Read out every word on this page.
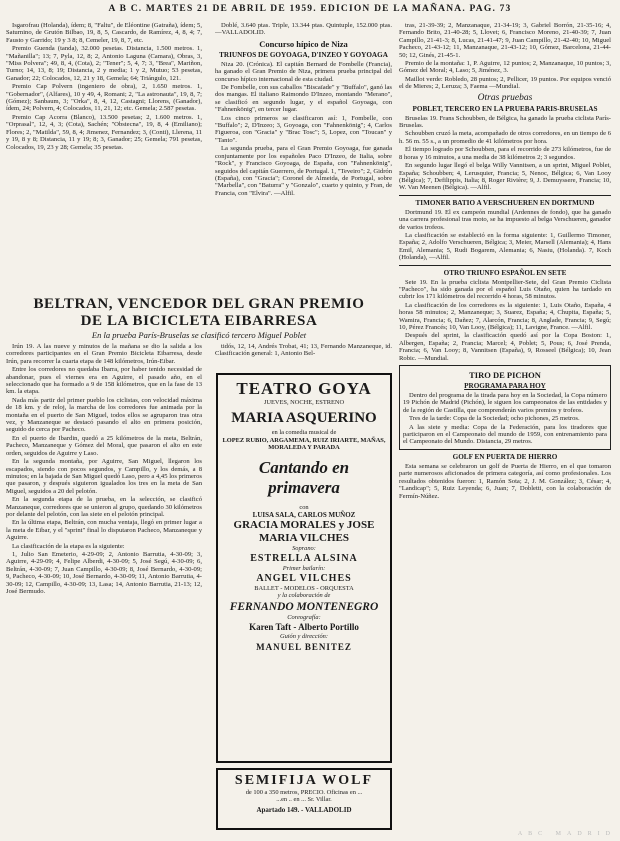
A B C. MARTES 21 DE ABRIL DE 1959. EDICION DE LA MAÑANA. PAG. 73

Isgarofrau (Holanda), ídem; 8, "Faltu", de Eléontine (Gatraña), ídem; 5, Saturnino, de Grutón Bilbao, 19, 8, 5, Cascardo, de Ramírez, 4, 8, 4; 7, Fausto y Garrido; 19 y 3 8; 8, Cemeler, 19, 8, 7, etc.

Premio Guenda (tanda), 32.000 pesetas. Distancia, 1.500 metros. 1, "Mañanilla"; 13; 7, Pyla, 12, 8; 2, Antonio Laguna (Camara), Obras, 3, "Miss Polvera"; 49, 8, 4, (Cota), 2; "Tener"; 5, 4, 7; 3, "Brea", Mariñon, Turno; 14, 13, 8; 19; Distancia, 2 y media; 1 y 2, Mutuo; 53 pesetas, Ganador; 22; Colocados, 12, 21 y 18, Gemela; 64; Triángulo, 121.

Premio Cap Polvern (ingeniero de obra), 2, 1.650 metros. 1, "Gobernador", (Alfares), 10 y 49, 4, Romani; 2, "La astronauta", 19, 8, 7; (Gómez); Sanbaum, 3; "Orka", 8, 4, 12, Castagni; Llorens, (Ganador), ídem, 24; Polvern, 4; Colocados, 11, 21, 12; etc. Gemela; 2.587 pesetas.

Premio Cap Acorra (Blanco), 13.500 pesetas; 2, 1.600 metros. 1, "Orprasal", 12, 4, 3; (Cota), Sachén; "Obstecna", 19, 8, 4 (Emiliano); Flores; 2, "Matilda", 59, 8, 4; Jimenez, Fernandez; 3, (Conti), Llerena, 11 y 19, 8 y 8; Distancia, 11 y 19; 8; 3, Ganador; 25; Gemela; 791 pesetas, Colocados, 19, 23 y 28; Gemela; 35 pesetas.

Doblé, 3.640 ptas. Triple, 13.344 ptas. Quintuple, 152.000 ptas. —VALLADOLID.

Concurso hípico de Niza
TRIUNFOS DE GOYOAGA, D'INZEO Y GOYOAGA

Niza 20. (Crónica). El capitán Bernard de Fombelle (Francia), ha ganado el Gran Premio de Niza, primera prueba principal del concurso hípico internacional de esta ciudad.

De Fombelle, con sus caballos "Biscaïade" y "Buffalo", ganó las dos mangas. El italiano Raimondo D'Inzeo, montando "Merano", se clasificó en segundo lugar, y el español Goyoaga, con "Fahnenkönig", en tercer lugar.

Los cinco primeros se clasificaron así: 1, Fombelle, con "Buffalo"; 2, D'Inzeo; 3, Goyoaga, con "Fahnenkönig"; 4, Carlos Figueroa, con "Gracia" y "Brac Tosc"; 5, Lopez, con "Toucan" y "Tanto".

La segunda prueba, para el Gran Premio Goyoaga, fue ganada conjuntamente por los españoles Paco D'Inzeo, de Italia, sobre "Rock", y Francisco Goyoaga, de España, con "Fahnenkönig", seguidos del capitán Guerrero, de Portugal. 1, "Teveiro"; 2, Gidrón (España), con "Gracia"; Coronel de Almeida, de Portugal, sobre "Marbella", con "Baturra" y "Gonzalo", cuarto y quinto, y Fran, de Francia, con "Elvira". —Alfil.

BELTRAN, VENCEDOR DEL GRAN PREMIO
DE LA BICICLETA EIBARRESA
En la prueba París-Bruselas se clasificó tercero Miguel Poblet

Irún 19. A las nueve y minutos de la mañana se dio la salida a los corredores participantes en el Gran Premio Bicicleta Eibarresa, desde Irún, para recorrer la cuarta etapa de 148 kilómetros, Irún-Eibar.

Entre los corredores no quedaba Ibarra, por haber tenido necesidad de abandonar, pues el viernes era en Aguirre, el pasado año, en el seleccionado que ha formado a 9 de 158 kilómetros, que en la fase de 13 km. la etapa.

Nada más partir del primer pueblo los ciclistas, con velocidad máxima de 18 km. y de reloj, la marcha de los corredores fue animada por la montaña en el puerto de San Miguel, todos ellos se agruparon tras otra vez, y Manzaneque se destacó pasando el alto en primera posición, seguido de cerca por Pacheco.

En el puerto de Ibardin, quedó a 25 kilómetros de la meta, Beltrán, Pacheco, Manzaneque y Gómez del Moral, que pasaron el alto en este orden, seguidos de Aguirre y Laso.

En la segunda montaña, por Aguirre, San Miguel, llegaron los escapados, siendo con pocos segundos, y Campillo, y los demás, a 8 minutos; en la bajada de San Miguel quedó Laso, pero a 4,45 los primeros que pasaron, y después siguieron igualados los tres en la meta de San Miguel, seguidos a 20 del pelotón.

En la segunda etapa de la prueba, en la selección, se clasificó Manzaneque, corredores que se unieron al grupo, quedando 30 kilómetros por delante del pelotón, con las siete en el pelotón principal.

En la última etapa, Beltrán, con mucha ventaja, llegó en primer lugar a la meta de Eibar, y el "sprint" final lo disputaron Pacheco, Manzaneque y Aguirre.

La clasificación de la etapa es la siguiente:

1, Julio San Emeterio, 4-29-09; 2, Antonio Barrutia, 4-30-09; 3, Aguirre, 4-29-09; 4, Felipe Alberdi, 4-30-09; 5, José Segú, 4-30-09; 6, Beltrán, 4-30-09; 7, Juan Campillo, 4-30-09; 8, José Bernardo, 4-30-09; 9, Pacheco, 4-30-09; 10, José Bernardo, 4-30-09; 11, Antonio Barrutia, 4-30-09; 12, Campillo, 4-30-09; 13, Lasa; 14, Antonio Barrutia, 21-13; 12, José Bermudo.

tidós, 12, 14, Andrés Trobat, 41; 13, Fernando Manzaneque, id. Clasificación general: 1, Antonio Bel-

TEATRO GOYA
JUEVES, NOCHE, ESTRENO
MARIA ASQUERINO
en la comedia musical de
LOPEZ RUBIO, ARGAMEMA, RUIZ IRIARTE, MAÑAS, MORALEDA Y PARADA
Cantando en primavera
con
LUISA SALA, CARLOS MUÑOZ
GRACIA MORALES y JOSE MARIA VILCHES
Soprano:
ESTRELLA ALSINA
Primer bailarín:
ANGEL VILCHES
BALLET - MODELOS - ORQUESTA
y la colaboración de
FERNANDO MONTENEGRO
Coreografía:
Karen Taft - Alberto Portillo
Guión y dirección:
MANUEL BENITEZ
SEMIFIJA WOLF
de 100 a 350 metros, PRECIO. Oficinas en ...
...en .. en ... Sr. Villar.
Apartado 149. - VALLADOLID

tras, 21-39-39; 2, Manzanaque, 21-34-19; 3, Gabriel Borrón, 21-35-16; 4, Fernando Brito, 21-40-28; 5, Llovet; 6, Francisco Moreno, 21-40-39; 7, Juan Campillo, 21-41-3; 8, Lucas, 21-41-47; 9, Juan Campillo, 21-42-40; 10, Miguel Pacheco, 21-43-12; 11, Manzanaque, 21-43-12; 10, Gómez, Barcelona, 21-44-50; 12, Ginés, 21-45-1.

Premio de la montaña: 1, P. Aguirre, 12 puntos; 2, Manzanaque, 10 puntos; 3, Gómez del Moral; 4, Laso; 5, Jiménez, 3.

Maillot verde: Robledo, 28 puntos; 2, Pellicer, 19 puntos. Por equipos venció el de Mieres; 2, Leruza; 3, Faema —Mundial.

Otras pruebas
POBLET, TERCERO EN LA PRUEBA PARIS-BRUSELAS

Bruselas 19. Frans Schoubben, de Bélgica, ha ganado la prueba ciclista París-Bruselas.

Schoubben cruzó la meta, acompañado de otros corredores, en un tiempo de 6 h. 56 m. 55 s., a un promedio de 41 kilómetros por hora.

El tiempo logrado por Schoubben, para el recorrido de 273 kilómetros, fue de 8 horas y 16 minutos, a una media de 38 kilómetros 2; 3 segundos.

En segundo lugar llegó el belga Willy Vannitsen, a un sprint, Miguel Poblet, España; Schoubben; 4, Lerusquier, Francia; 5, Nenoc, Bélgica; 6, Van Looy (Bélgica); 7, Defilippis, Italia; 8, Roger Rivière; 9, J. Demuyssere, Francia; 10, W. Van Meenen (Bélgica). —Alfil.

TIMONER BATIO A VERSCHUEREN EN DORTMUND

Dortmund 19. El ex campeón mundial (Ardennes de fondo), que ha ganado una carrera profesional tras moto, se ha impuesto al belga Verschueren, ganador de varios trofeos.

La clasificación se estableció en la forma siguiente: 1, Guillermo Timoner, España; 2, Adolfo Verschueren, Bélgica; 3, Meier, Marsell (Alemania); 4, Hans Emil, Alemania; 5, Rudi Bogarem, Alemania; 6, Nasiu, (Holanda). 7, Koch (Holanda), —Alfil.

OTRO TRIUNFO ESPAÑOL EN SETE

Sete 19. En la prueba ciclista Montpellier-Sete, del Gran Premio Ciclista "Pacheco", ha sido ganada por el español Luis Otaño, quien ha tardado en cubrir los 171 kilómetros del recorrido 4 horas, 58 minutos.

La clasificación de los corredores es la siguiente: 1, Luis Otaño, España, 4 horas 58 minutos; 2, Manzaneque; 3, Suarez, España; 4, Chupita, España; 5, Wamira, Francia; 6, Dañez; 7, Alarcón, Francia; 8, Anglade, Francia; 9, Segú; 10, Pérez Francés; 10, Van Looy, (Bélgica); 11, Lavigne, France. —Alfil.

Después del sprint, la clasificación quedó así por la Copa Boston: 1, Albergen, España; 2, Francia; Marcel; 4, Poblet; 5, Pous; 6, José Prenda, Francia; 6, Van Looy; 8, Vannitsen (España), 9, Rosseel (Bélgica); 10, Jean Robic. —Mundial.

TIRO DE PICHON
PROGRAMA PARA HOY

Dentro del programa de la tirada para hoy en la Sociedad, la Copa número 19 Pichón de Madrid (Pichón), le siguen los campeonatos de las entidades y de la región de Castilla, que comprenderán varios premios y trofeos.

Tres de la tarde: Copa de la Sociedad; ocho pichones, 25 metros.

A las siete y media: Copa de la Federación, para los tiradores que participaron en el Campeonato del mundo de 1959, con entrenamiento para el Campeonato del Mundo. Distancia, 29 metros.

GOLF EN PUERTA DE HIERRO

Esta semana se celebraron un golf de Puerta de Hierro, en el que tomaron parte numerosos aficionados de primera categoría, así como profesionales. Los resultados obtenidos fueron: 1, Ramón Sota; 2, J. M. González; 3, César; 4, "Landicap"; 5, Ruiz Leyenda; 6, Juan; 7, Dobletti, con la colaboración de Fermín-Núñez.

ABC MADRID
